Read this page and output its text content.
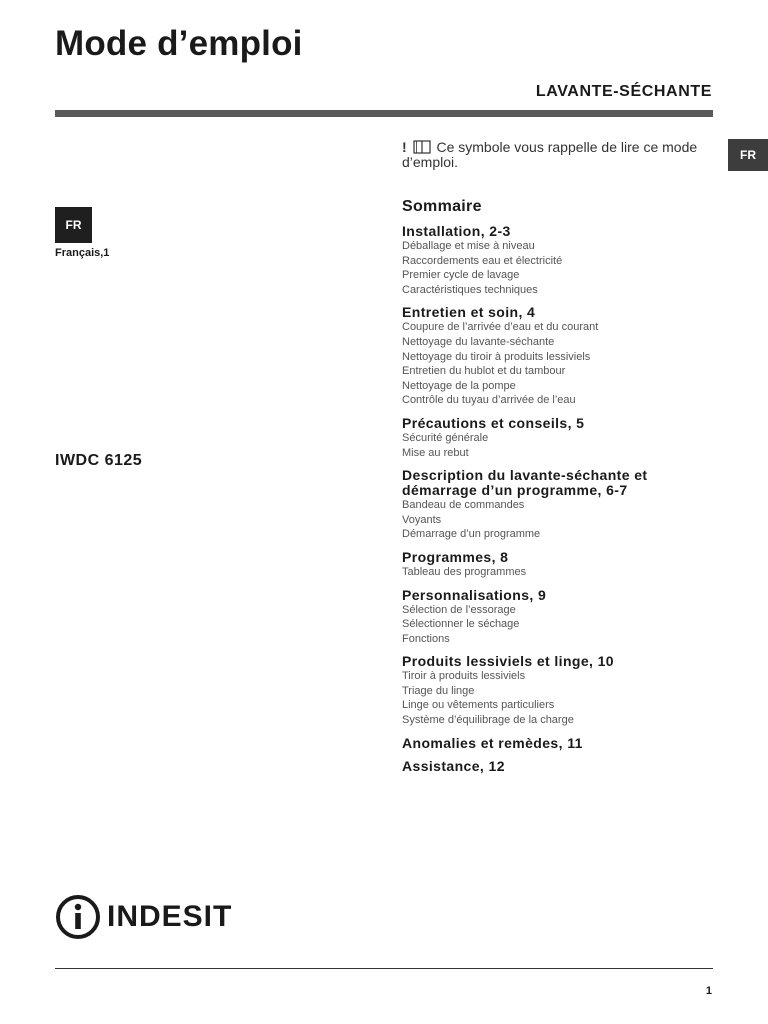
Mode d’emploi
LAVANTE-SÉCHANTE
FR
FR
Français,1
IWDC 6125
! Ce symbole vous rappelle de lire ce mode d’emploi.
Sommaire
Installation, 2-3
Déballage et mise à niveau
Raccordements eau et électricité
Premier cycle de lavage
Caractéristiques techniques
Entretien et soin, 4
Coupure de l’arrivée d’eau et du courant
Nettoyage du lavante-séchante
Nettoyage du tiroir à produits lessiviels
Entretien du hublot et du tambour
Nettoyage de la pompe
Contrôle du tuyau d’arrivée de l’eau
Précautions et conseils, 5
Sécurité générale
Mise au rebut
Description du lavante-séchante et démarrage d’un programme, 6-7
Bandeau de commandes
Voyants
Démarrage d’un programme
Programmes, 8
Tableau des programmes
Personnalisations, 9
Sélection de l’essorage
Sélectionner le séchage
Fonctions
Produits lessiviels et linge, 10
Tiroir à produits lessiviels
Triage du linge
Linge ou vêtements particuliers
Système d’équilibrage de la charge
Anomalies et remèdes, 11
Assistance, 12
INDESIT
1
